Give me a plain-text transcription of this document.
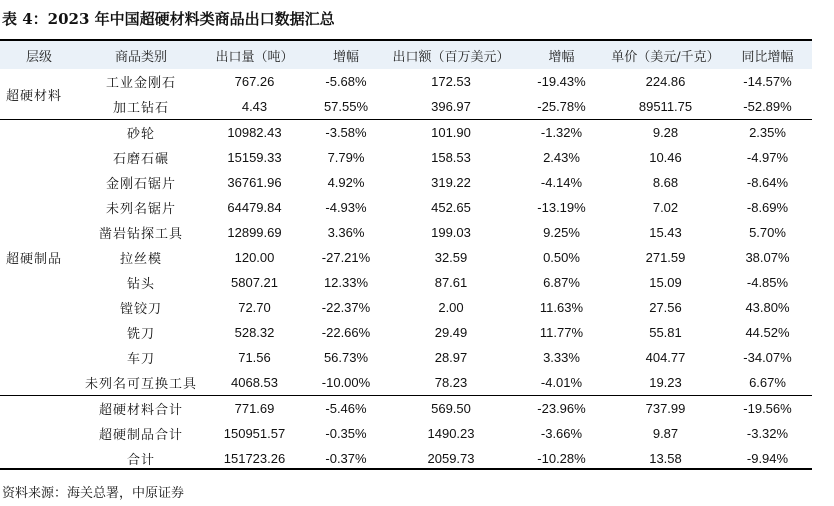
表 4：2023 年中国超硬材料类商品出口数据汇总
层级	商品类别	出口量（吨）	增幅	出口额（百万美元）	增幅	单价（美元/千克）	同比增幅
超硬材料	工业金刚石	767.26	-5.68%	172.53	-19.43%	224.86	-14.57%
	加工钻石	4.43	57.55%	396.97	-25.78%	89511.75	-52.89%
超硬制品	砂轮	10982.43	-3.58%	101.90	-1.32%	9.28	2.35%
	石磨石碾	15159.33	7.79%	158.53	2.43%	10.46	-4.97%
	金刚石锯片	36761.96	4.92%	319.22	-4.14%	8.68	-8.64%
	未列名锯片	64479.84	-4.93%	452.65	-13.19%	7.02	-8.69%
	凿岩钻探工具	12899.69	3.36%	199.03	9.25%	15.43	5.70%
	拉丝模	120.00	-27.21%	32.59	0.50%	271.59	38.07%
	钻头	5807.21	12.33%	87.61	6.87%	15.09	-4.85%
	镗铰刀	72.70	-22.37%	2.00	11.63%	27.56	43.80%
	铣刀	528.32	-22.66%	29.49	11.77%	55.81	44.52%
	车刀	71.56	56.73%	28.97	3.33%	404.77	-34.07%
	未列名可互换工具	4068.53	-10.00%	78.23	-4.01%	19.23	6.67%
	超硬材料合计	771.69	-5.46%	569.50	-23.96%	737.99	-19.56%
	超硬制品合计	150951.57	-0.35%	1490.23	-3.66%	9.87	-3.32%
	合计	151723.26	-0.37%	2059.73	-10.28%	13.58	-9.94%
资料来源：海关总署，中原证券
